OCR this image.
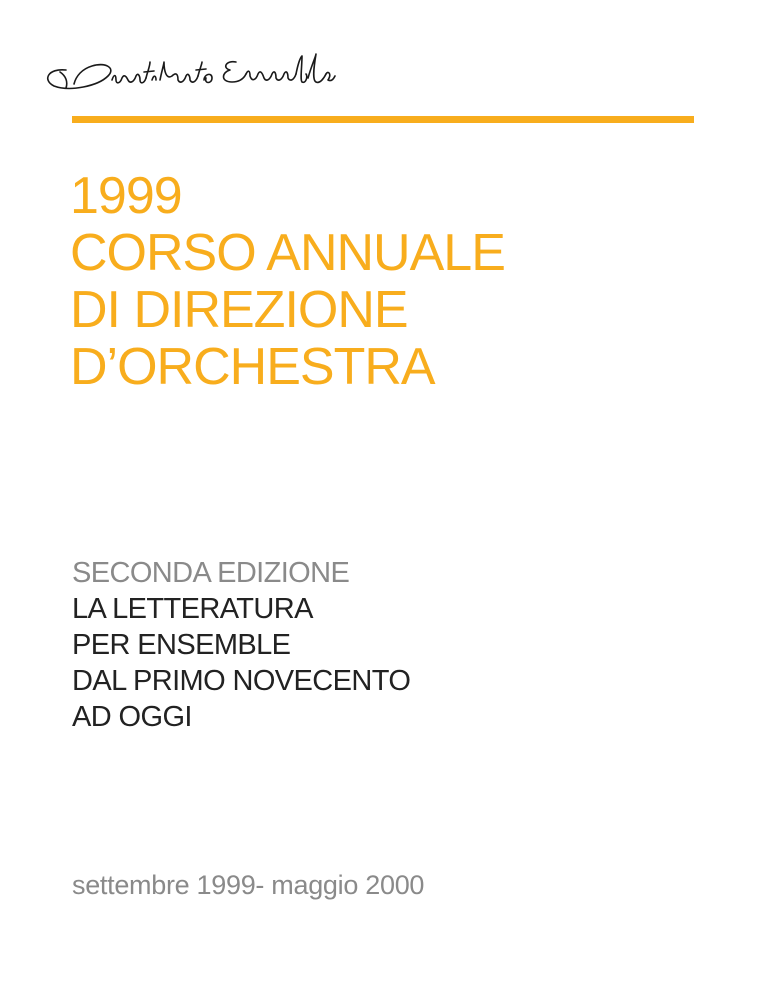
1999
CORSO ANNUALE
DI DIREZIONE
D’ORCHESTRA
SECONDA EDIZIONE
LA LETTERATURA
PER ENSEMBLE
DAL PRIMO NOVECENTO
AD OGGI
settembre 1999- maggio 2000
